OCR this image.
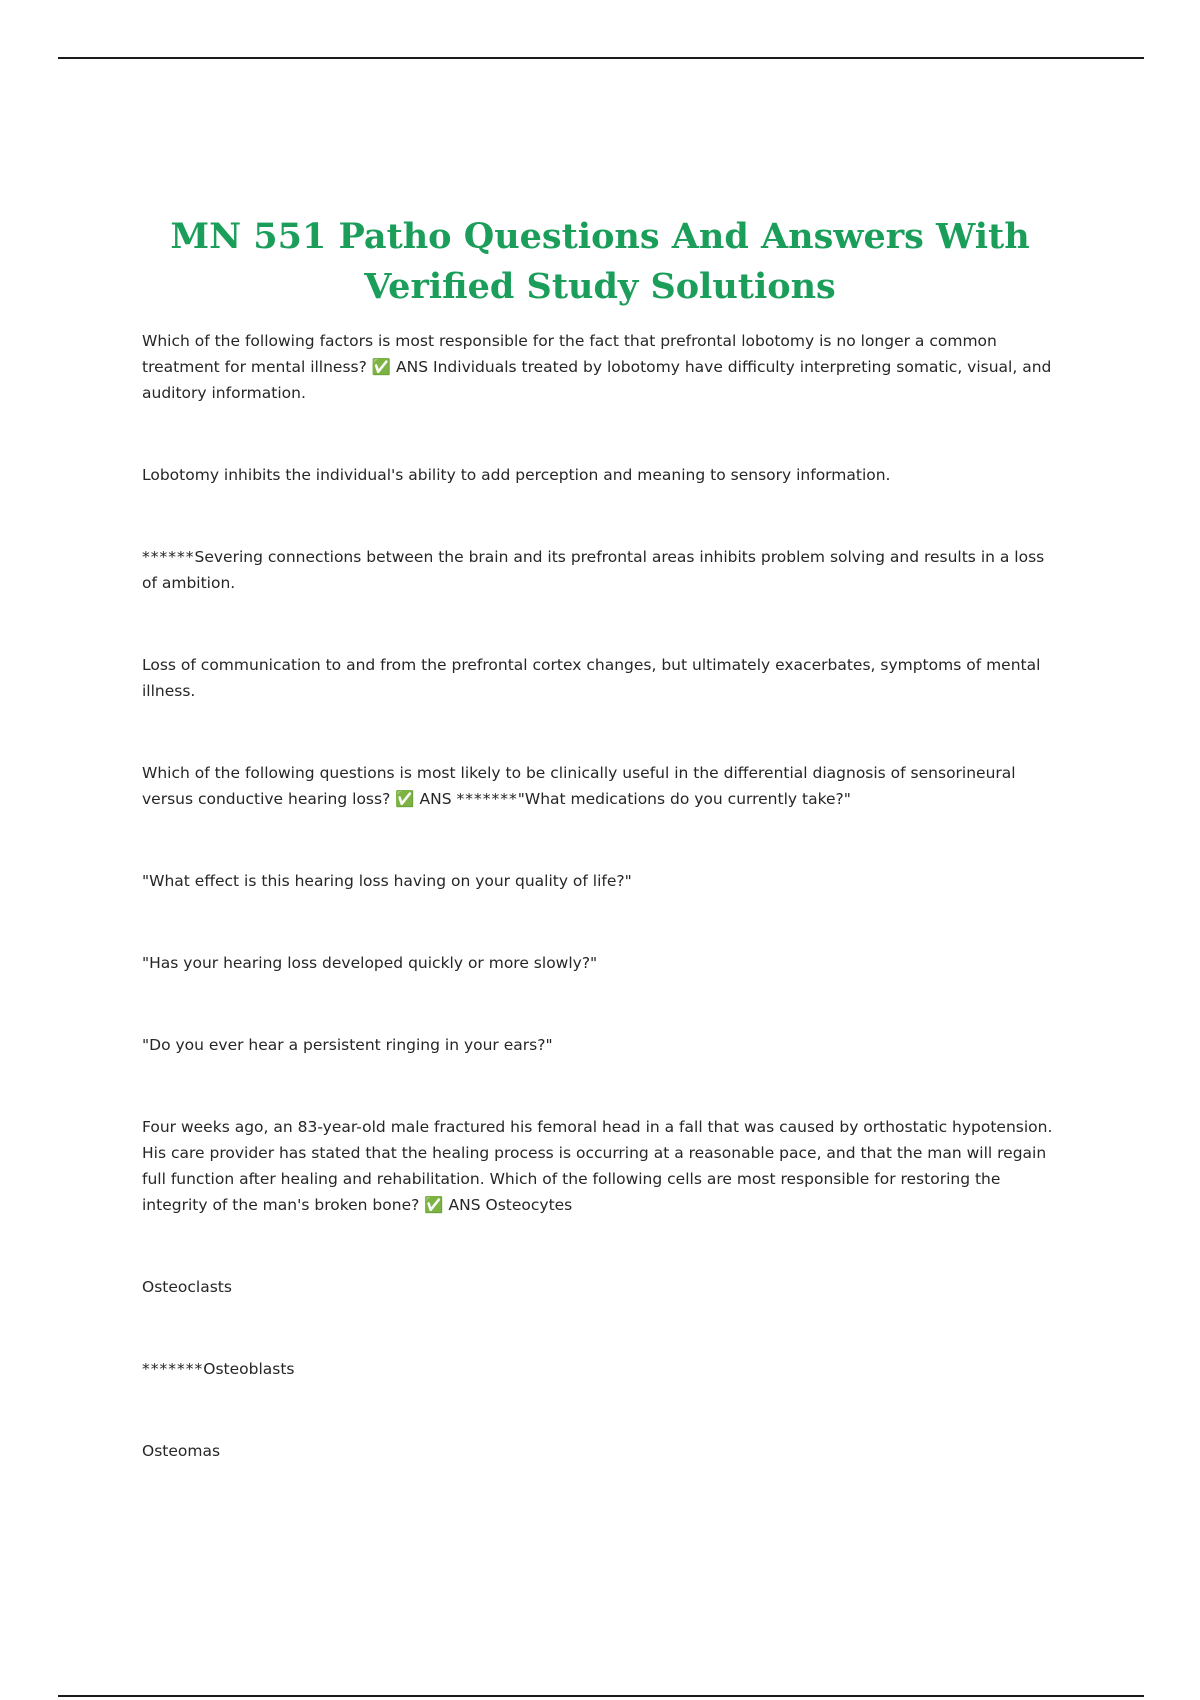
MN 551 Patho Questions And Answers With Verified Study Solutions

Which of the following factors is most responsible for the fact that prefrontal lobotomy is no longer a common treatment for mental illness? ✅ ANS Individuals treated by lobotomy have difficulty interpreting somatic, visual, and auditory information.

Lobotomy inhibits the individual's ability to add perception and meaning to sensory information.

******Severing connections between the brain and its prefrontal areas inhibits problem solving and results in a loss of ambition.

Loss of communication to and from the prefrontal cortex changes, but ultimately exacerbates, symptoms of mental illness.

Which of the following questions is most likely to be clinically useful in the differential diagnosis of sensorineural versus conductive hearing loss? ✅ ANS *******"What medications do you currently take?"

"What effect is this hearing loss having on your quality of life?"

"Has your hearing loss developed quickly or more slowly?"

"Do you ever hear a persistent ringing in your ears?"

Four weeks ago, an 83-year-old male fractured his femoral head in a fall that was caused by orthostatic hypotension. His care provider has stated that the healing process is occurring at a reasonable pace, and that the man will regain full function after healing and rehabilitation. Which of the following cells are most responsible for restoring the integrity of the man's broken bone? ✅ ANS Osteocytes

Osteoclasts

*******Osteoblasts

Osteomas
